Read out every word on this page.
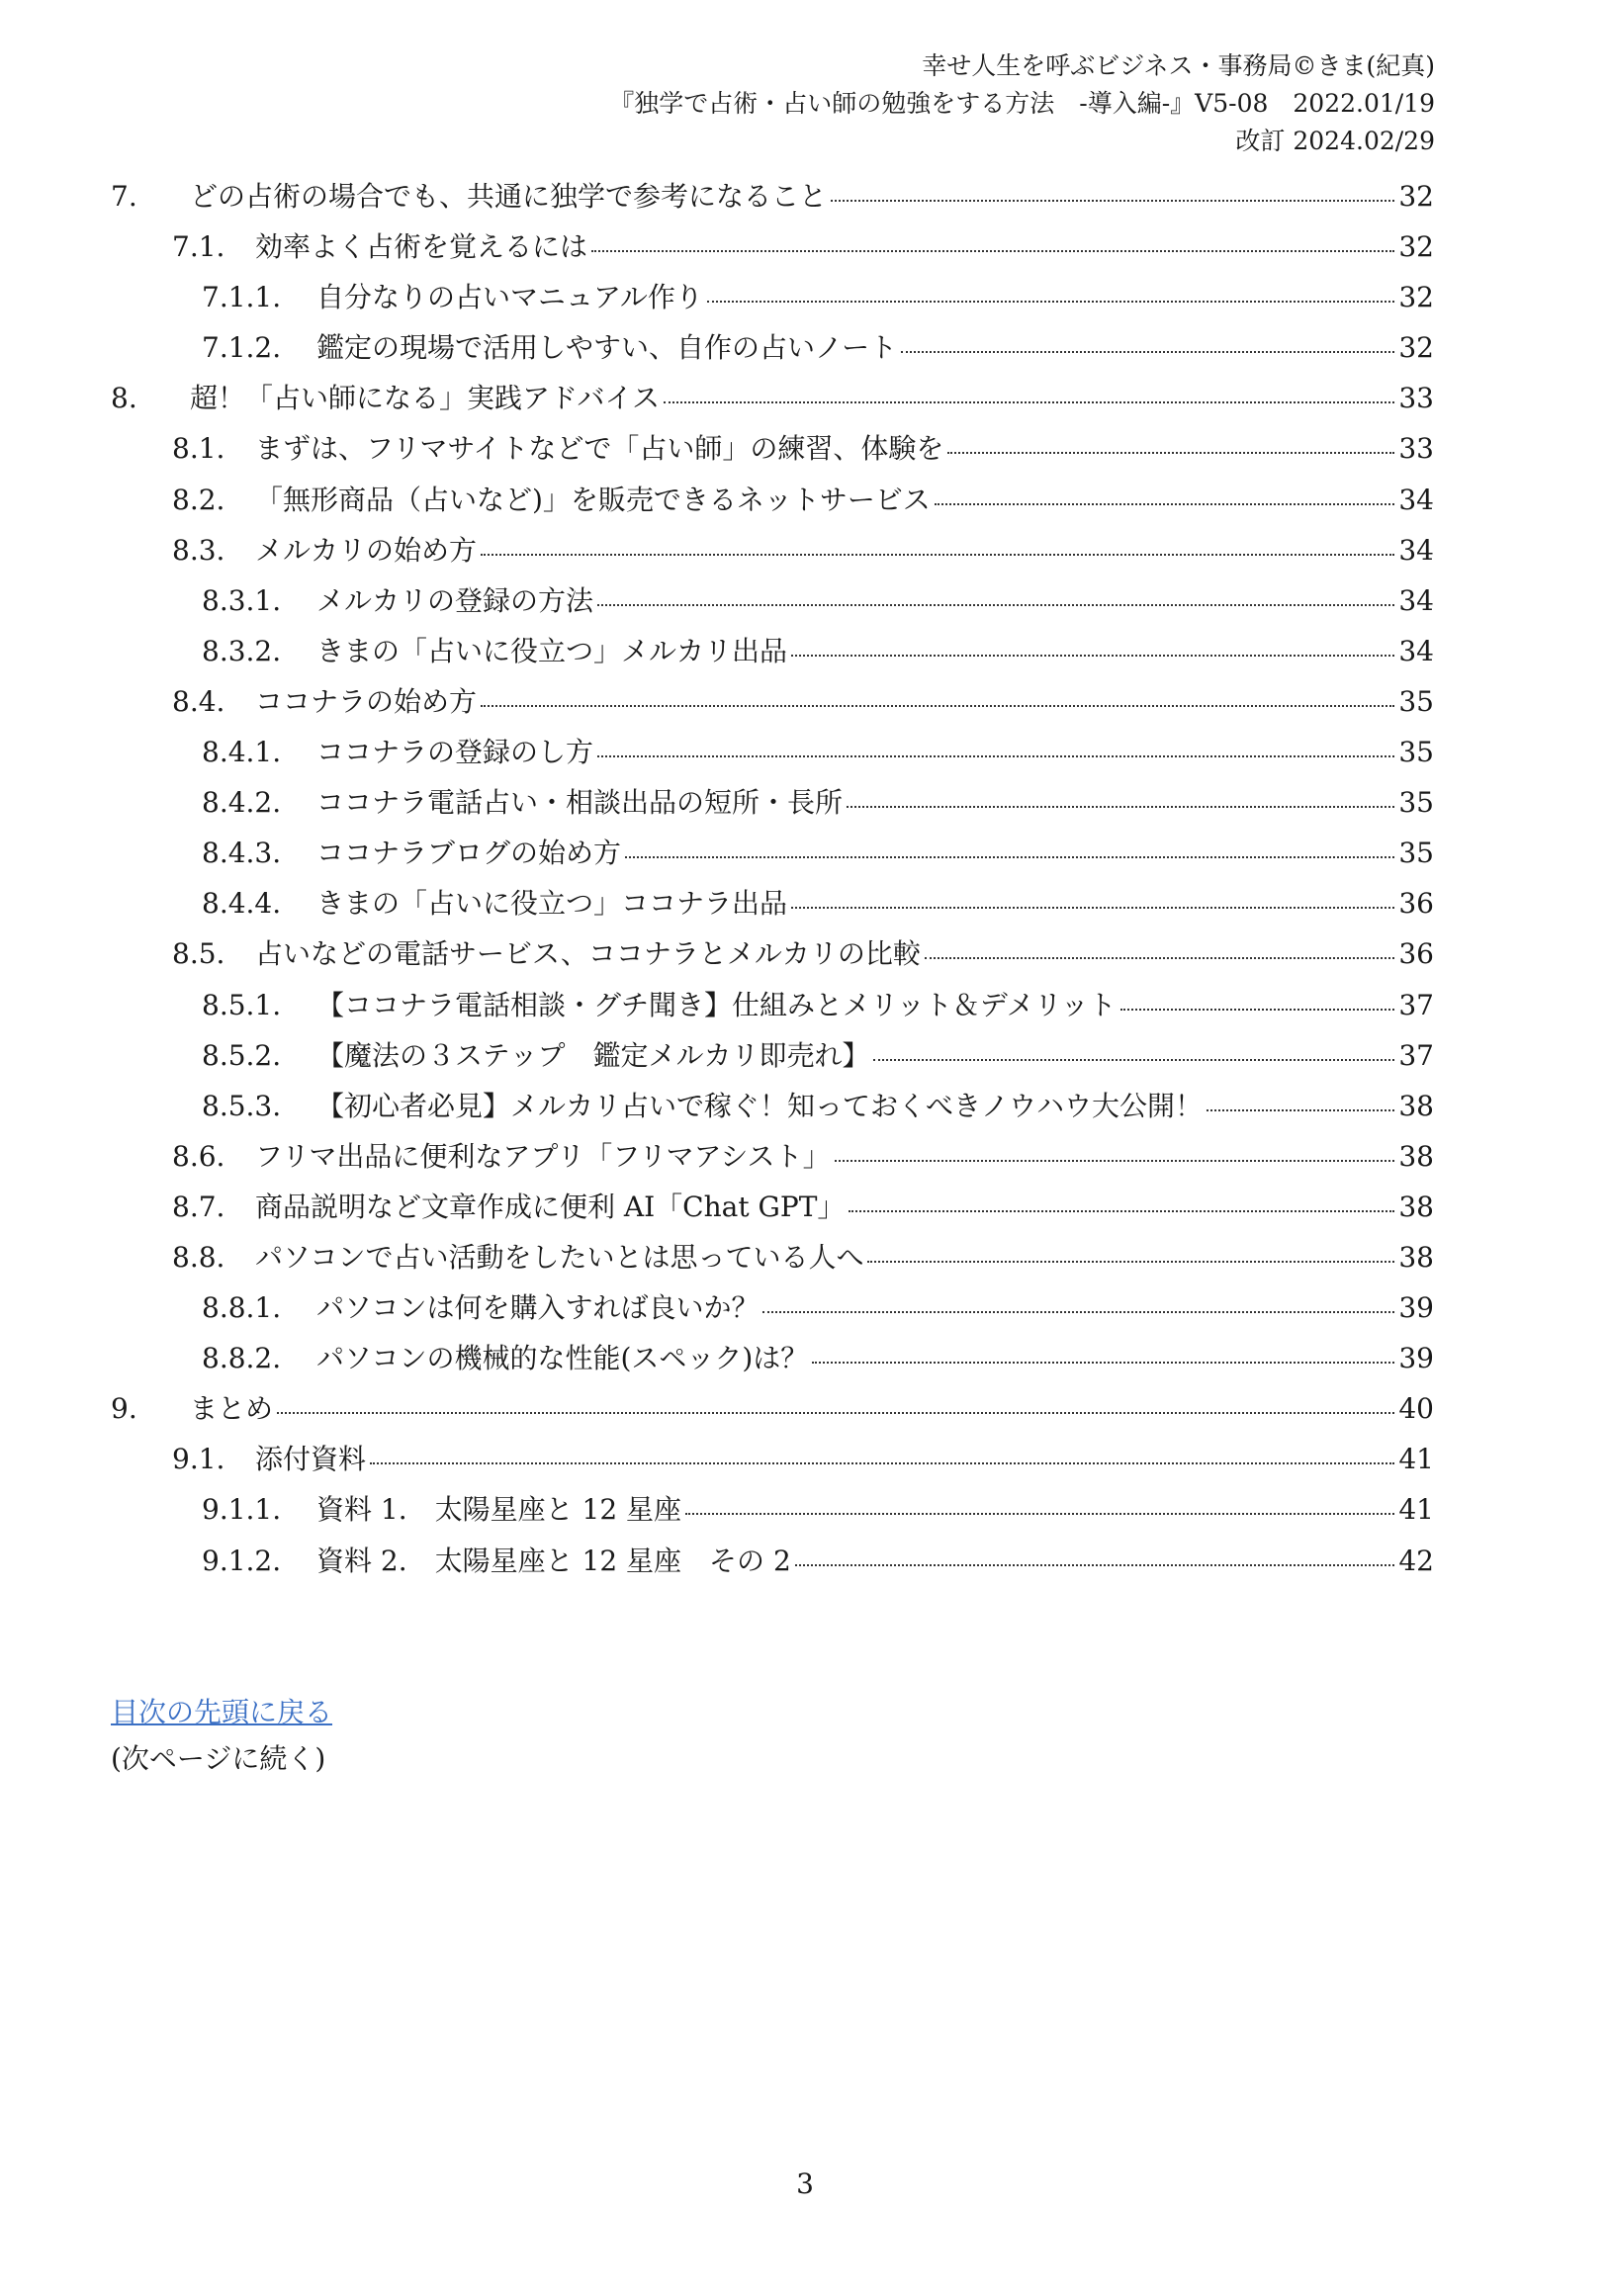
幸せ人生を呼ぶビジネス・事務局©きま(紀真)
『独学で占術・占い師の勉強をする方法　-導入編-』V5-08　2022.01/19
改訂 2024.02/29
7.	どの占術の場合でも、共通に独学で参考になること	32
7.1.	効率よく占術を覚えるには	32
7.1.1.	自分なりの占いマニュアル作り	32
7.1.2.	鑑定の現場で活用しやすい、自作の占いノート	32
8.	超！「占い師になる」実践アドバイス	33
8.1.	まずは、フリマサイトなどで「占い師」の練習、体験を	33
8.2.	「無形商品（占いなど)」を販売できるネットサービス	34
8.3.	メルカリの始め方	34
8.3.1.	メルカリの登録の方法	34
8.3.2.	きまの「占いに役立つ」メルカリ出品	34
8.4.	ココナラの始め方	35
8.4.1.	ココナラの登録のし方	35
8.4.2.	ココナラ電話占い・相談出品の短所・長所	35
8.4.3.	ココナラブログの始め方	35
8.4.4.	きまの「占いに役立つ」ココナラ出品	36
8.5.	占いなどの電話サービス、ココナラとメルカリの比較	36
8.5.1.	【ココナラ電話相談・グチ聞き】仕組みとメリット＆デメリット	37
8.5.2.	【魔法の３ステップ　鑑定メルカリ即売れ】	37
8.5.3.	【初心者必見】メルカリ占いで稼ぐ！知っておくべきノウハウ大公開！	38
8.6.	フリマ出品に便利なアプリ「フリマアシスト」	38
8.7.	商品説明など文章作成に便利 AI「Chat GPT」	38
8.8.	パソコンで占い活動をしたいとは思っている人へ	38
8.8.1.	パソコンは何を購入すれば良いか？	39
8.8.2.	パソコンの機械的な性能(スペック)は？	39
9.	まとめ	40
9.1.	添付資料	41
9.1.1.	資料 1.　太陽星座と 12 星座	41
9.1.2.	資料 2.　太陽星座と 12 星座　その 2	42
目次の先頭に戻る
(次ページに続く)
3
